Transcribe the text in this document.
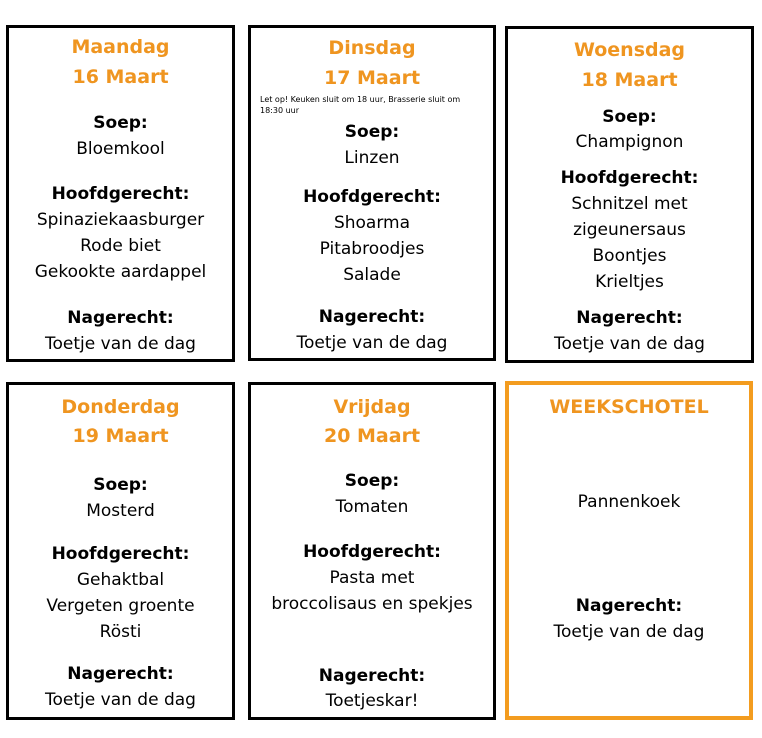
Maandag
16 Maart
Soep:
Bloemkool
Hoofdgerecht:
Spinaziekaasburger
Rode biet
Gekookte aardappel
Nagerecht:
Toetje van de dag
Dinsdag
17 Maart
Let op! Keuken sluit om 18 uur, Brasserie sluit om 18:30 uur
Soep:
Linzen
Hoofdgerecht:
Shoarma
Pitabroodjes
Salade
Nagerecht:
Toetje van de dag
Woensdag
18 Maart
Soep:
Champignon
Hoofdgerecht:
Schnitzel met
zigeunersaus
Boontjes
Krieltjes
Nagerecht:
Toetje van de dag
Donderdag
19 Maart
Soep:
Mosterd
Hoofdgerecht:
Gehaktbal
Vergeten groente
Rösti
Nagerecht:
Toetje van de dag
Vrijdag
20 Maart
Soep:
Tomaten
Hoofdgerecht:
Pasta met
broccolisaus en spekjes
Nagerecht:
Toetjeskar!
WEEKSCHOTEL
Pannenkoek
Nagerecht:
Toetje van de dag
